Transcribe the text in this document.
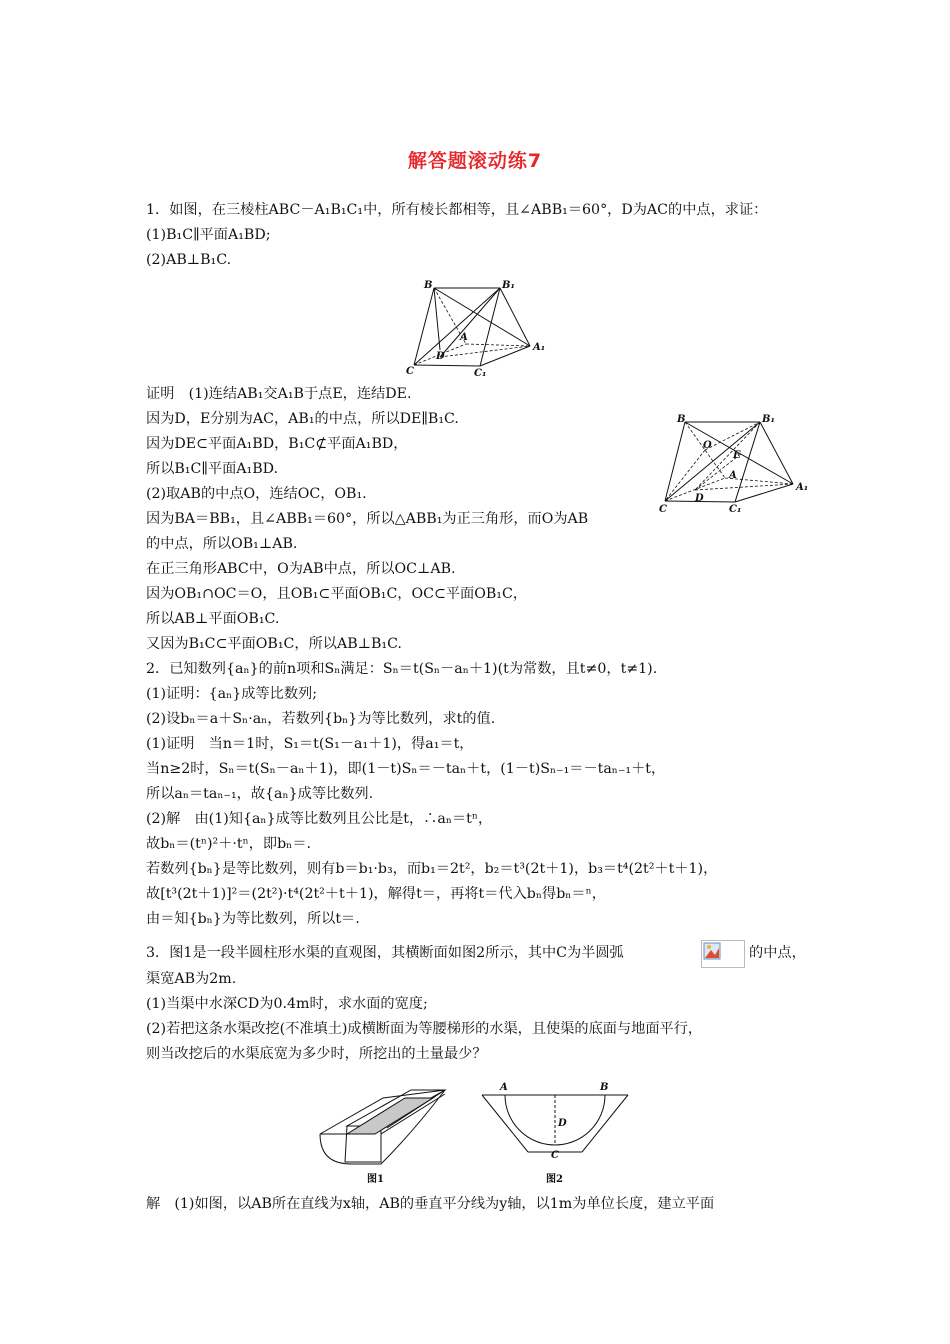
解答题滚动练7
1．如图，在三棱柱ABC－A₁B₁C₁中，所有棱长都相等，且∠ABB₁＝60°，D为AC的中点，求证：
(1)B₁C∥平面A₁BD;
(2)AB⊥B₁C.
B	B₁
A
A₁
D
C	C₁
证明　(1)连结AB₁交A₁B于点E，连结DE.
因为D，E分别为AC，AB₁的中点，所以DE∥B₁C.
因为DE⊂平面A₁BD，B₁C⊄平面A₁BD，
所以B₁C∥平面A₁BD.
(2)取AB的中点O，连结OC，OB₁.
因为BA＝BB₁，且∠ABB₁＝60°，所以△ABB₁为正三角形，而O为AB
的中点，所以OB₁⊥AB.
B	B₁
O
E
A
A₁
D
C	C₁
在正三角形ABC中，O为AB中点，所以OC⊥AB.
因为OB₁∩OC＝O，且OB₁⊂平面OB₁C，OC⊂平面OB₁C，
所以AB⊥平面OB₁C.
又因为B₁C⊂平面OB₁C，所以AB⊥B₁C.
2．已知数列{aₙ}的前n项和Sₙ满足：Sₙ＝t(Sₙ－aₙ＋1)(t为常数，且t≠0，t≠1).
(1)证明：{aₙ}成等比数列;
(2)设bₙ＝a＋Sₙ·aₙ，若数列{bₙ}为等比数列，求t的值.
(1)证明　当n＝1时，S₁＝t(S₁－a₁＋1)，得a₁＝t，
当n≥2时，Sₙ＝t(Sₙ－aₙ＋1)，即(1－t)Sₙ＝－taₙ＋t，(1－t)Sₙ₋₁＝－taₙ₋₁＋t，
所以aₙ＝taₙ₋₁，故{aₙ}成等比数列.
(2)解　由(1)知{aₙ}成等比数列且公比是t，∴aₙ＝tⁿ，
故bₙ＝(tⁿ)²＋·tⁿ，即bₙ＝.
若数列{bₙ}是等比数列，则有b＝b₁·b₃，而b₁＝2t²，b₂＝t³(2t＋1)，b₃＝t⁴(2t²＋t＋1)，
故[t³(2t＋1)]²＝(2t²)·t⁴(2t²＋t＋1)，解得t＝，再将t＝代入bₙ得bₙ＝ⁿ，
由＝知{bₙ}为等比数列，所以t＝.
3．图1是一段半圆柱形水渠的直观图，其横断面如图2所示，其中C为半圆弧	的中点，
渠宽AB为2m.
(1)当渠中水深CD为0.4m时，求水面的宽度;
(2)若把这条水渠改挖(不准填土)成横断面为等腰梯形的水渠，且使渠的底面与地面平行，
则当改挖后的水渠底宽为多少时，所挖出的土量最少？
图1
A	B
D
C
图2
解　(1)如图，以AB所在直线为x轴，AB的垂直平分线为y轴，以1m为单位长度，建立平面
